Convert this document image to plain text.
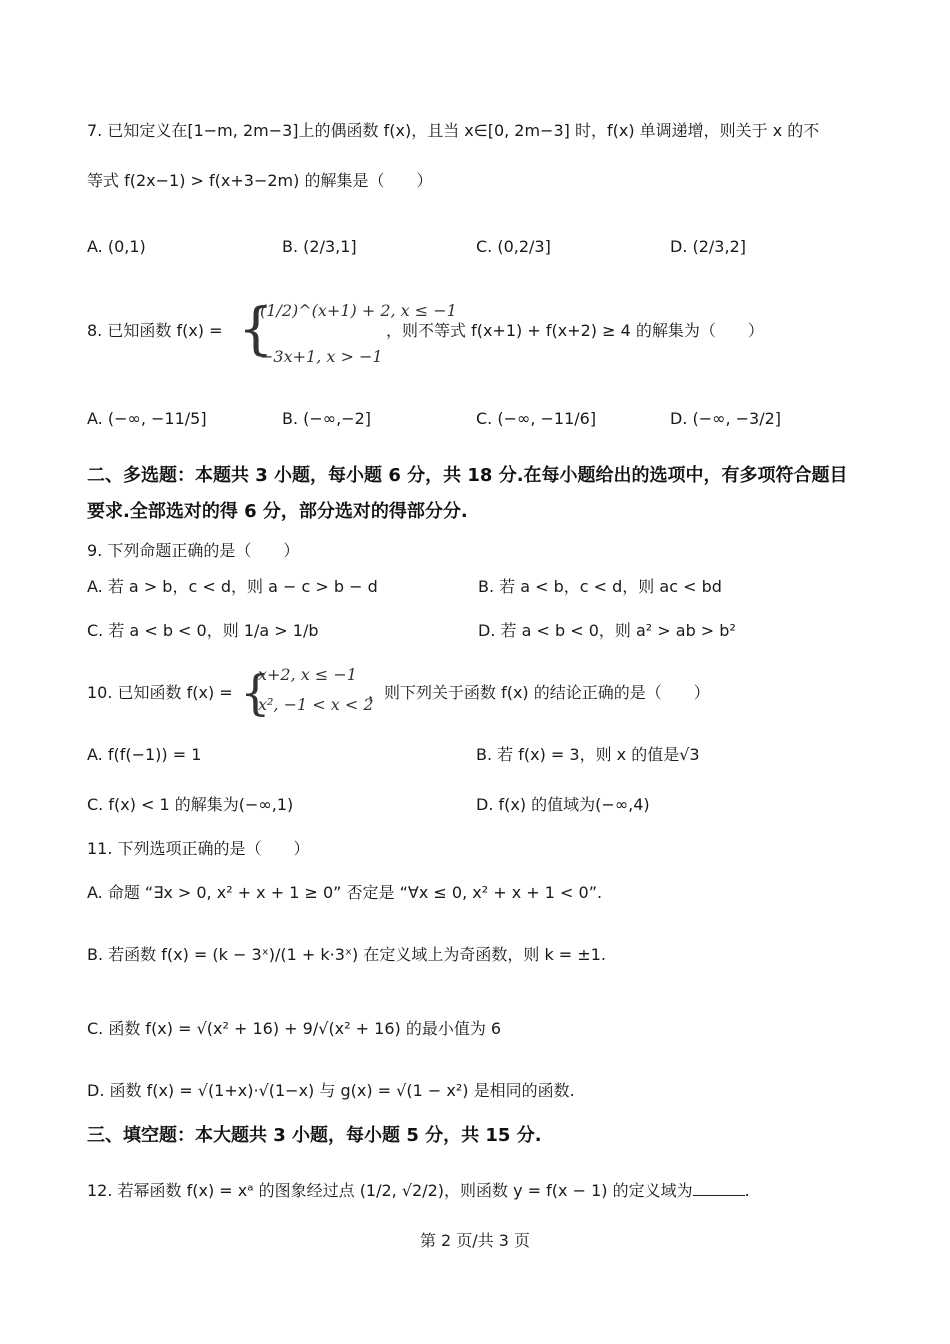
7. 已知定义在[1−m, 2m−3]上的偶函数 f(x)，且当 x∈[0, 2m−3] 时，f(x) 单调递增，则关于 x 的不
等式 f(2x−1) > f(x+3−2m) 的解集是（　　）
A. (0,1)	B. (2/3,1]	C. (0,2/3]	D. (2/3,2]
8. 已知函数 f(x) = {
(1/2)^(x+1) + 2, x ≤ −1
−3x+1, x > −1
，则不等式 f(x+1) + f(x+2) ≥ 4 的解集为（　　）
A. (−∞, −11/5]	B. (−∞,−2]	C. (−∞, −11/6]	D. (−∞, −3/2]
二、多选题：本题共 3 小题，每小题 6 分，共 18 分.在每小题给出的选项中，有多项符合题目
要求.全部选对的得 6 分，部分选对的得部分分.
9. 下列命题正确的是（　　）
A. 若 a > b，c < d，则 a − c > b − d	B. 若 a < b，c < d，则 ac < bd
C. 若 a < b < 0，则 1/a > 1/b	D. 若 a < b < 0，则 a² > ab > b²
10. 已知函数 f(x) = {
x+2, x ≤ −1
x², −1 < x < 2
，则下列关于函数 f(x) 的结论正确的是（　　）
A. f(f(−1)) = 1	B. 若 f(x) = 3，则 x 的值是√3
C. f(x) < 1 的解集为(−∞,1)	D. f(x) 的值域为(−∞,4)
11. 下列选项正确的是（　　）
A. 命题 “∃x > 0, x² + x + 1 ≥ 0” 否定是 “∀x ≤ 0, x² + x + 1 < 0”.
B. 若函数 f(x) = (k − 3ˣ)/(1 + k·3ˣ) 在定义域上为奇函数，则 k = ±1.
C. 函数 f(x) = √(x² + 16) + 9/√(x² + 16) 的最小值为 6
D. 函数 f(x) = √(1+x)·√(1−x) 与 g(x) = √(1 − x²) 是相同的函数.
三、填空题：本大题共 3 小题，每小题 5 分，共 15 分.
12. 若幂函数 f(x) = xᵃ 的图象经过点 (1/2, √2/2)，则函数 y = f(x − 1) 的定义域为	.
第 2 页/共 3 页
